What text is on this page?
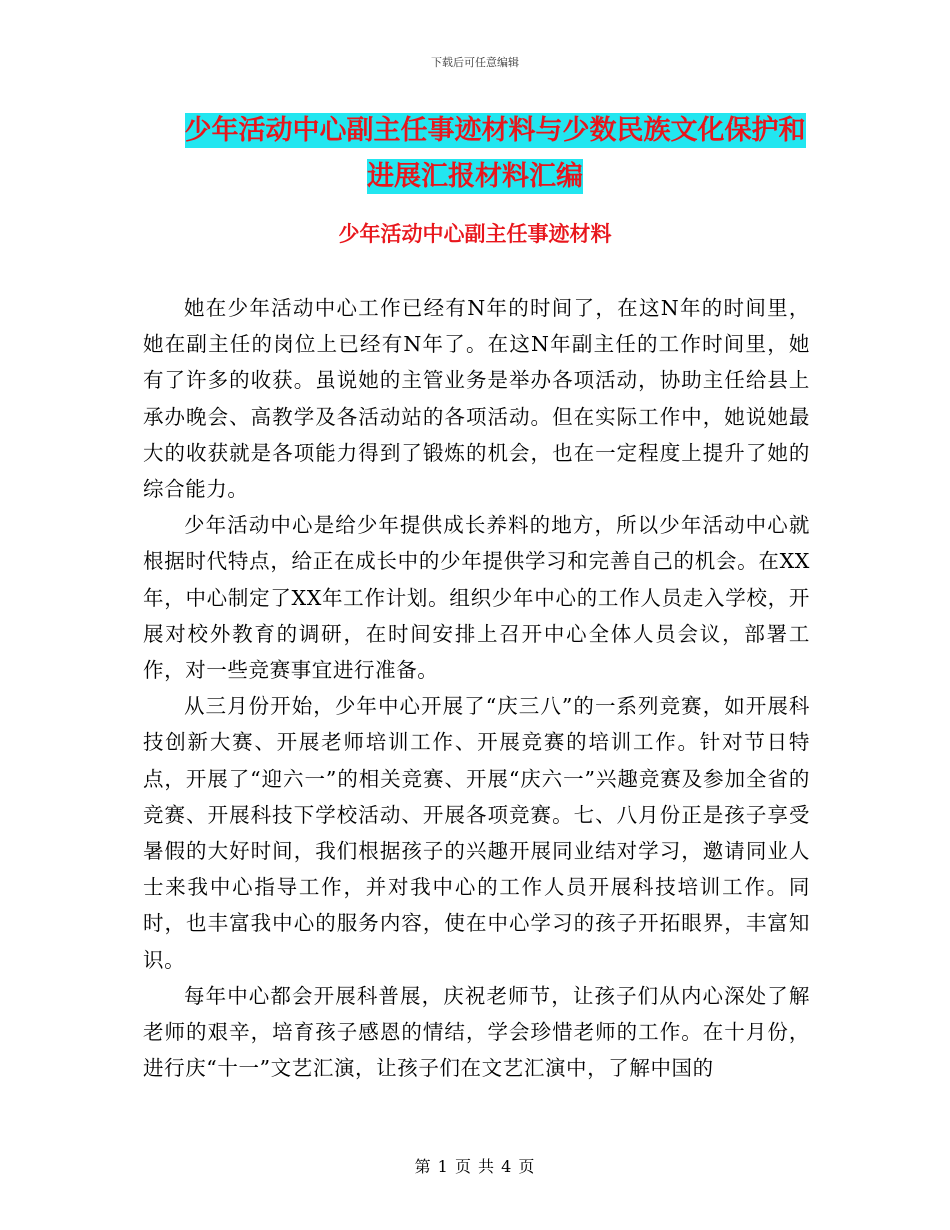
下载后可任意编辑
少年活动中心副主任事迹材料与少数民族文化保护和
进展汇报材料汇编
少年活动中心副主任事迹材料

她在少年活动中心工作已经有N年的时间了，在这N年的时间里，她在副主任的岗位上已经有N年了。在这N年副主任的工作时间里，她有了许多的收获。虽说她的主管业务是举办各项活动，协助主任给县上承办晚会、高教学及各活动站的各项活动。但在实际工作中，她说她最大的收获就是各项能力得到了锻炼的机会，也在一定程度上提升了她的综合能力。

少年活动中心是给少年提供成长养料的地方，所以少年活动中心就根据时代特点，给正在成长中的少年提供学习和完善自己的机会。在XX年，中心制定了XX年工作计划。组织少年中心的工作人员走入学校，开展对校外教育的调研，在时间安排上召开中心全体人员会议，部署工作，对一些竞赛事宜进行准备。

从三月份开始，少年中心开展了“庆三八”的一系列竞赛，如开展科技创新大赛、开展老师培训工作、开展竞赛的培训工作。针对节日特点，开展了“迎六一”的相关竞赛、开展“庆六一”兴趣竞赛及参加全省的竞赛、开展科技下学校活动、开展各项竞赛。七、八月份正是孩子享受暑假的大好时间，我们根据孩子的兴趣开展同业结对学习，邀请同业人士来我中心指导工作，并对我中心的工作人员开展科技培训工作。同时，也丰富我中心的服务内容，使在中心学习的孩子开拓眼界，丰富知识。

每年中心都会开展科普展，庆祝老师节，让孩子们从内心深处了解老师的艰辛，培育孩子感恩的情结，学会珍惜老师的工作。在十月份，进行庆“十一”文艺汇演，让孩子们在文艺汇演中，了解中国的

第 1 页 共 4 页
